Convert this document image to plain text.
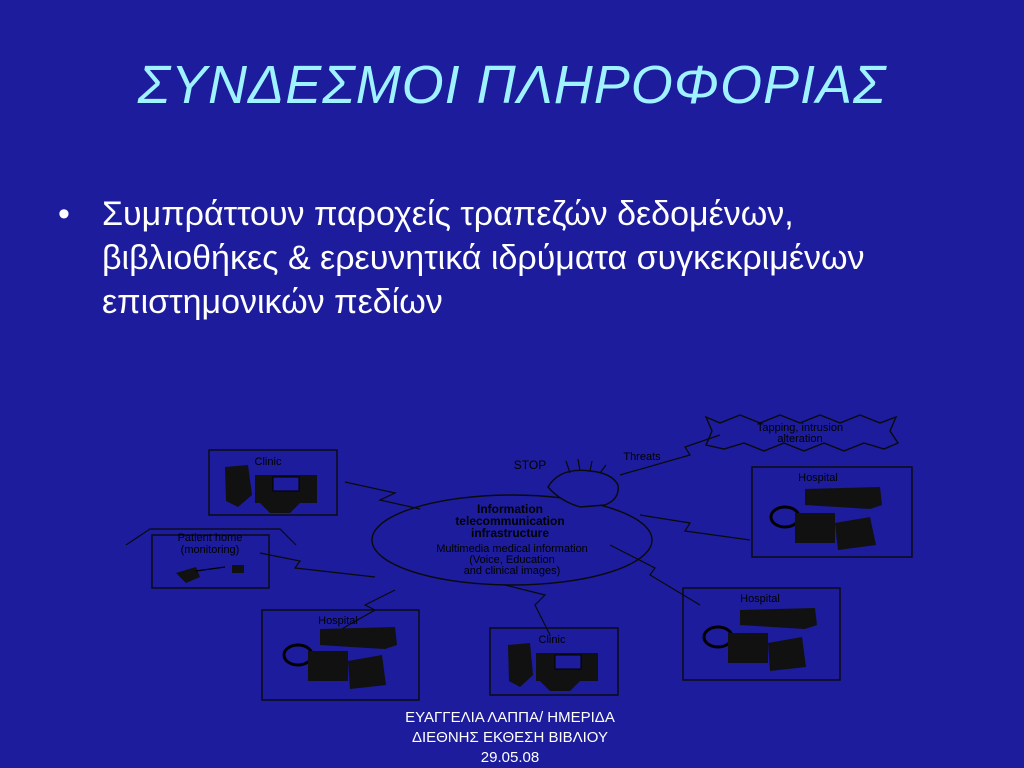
ΣΥΝΔΕΣΜΟΙ ΠΛΗΡΟΦΟΡΙΑΣ
• Συμπράττουν παροχείς τραπεζών δεδομένων, βιβλιοθήκες & ερευνητικά ιδρύματα συγκεκριμένων επιστημονικών πεδίων
Clinic
Patient home
(monitoring)
Information
telecommunication
infrastructure
Multimedia medical information
(Voice, Education
and clinical images)
STOP
Threats
Tapping, intrusion
alteration
Hospital
Hospital
Hospital
Clinic
ΕΥΑΓΓΕΛΙΑ ΛΑΠΠΑ/ ΗΜΕΡΙΔΑ
ΔΙΕΘΝΗΣ ΕΚΘΕΣΗ ΒΙΒΛΙΟΥ
29.05.08
